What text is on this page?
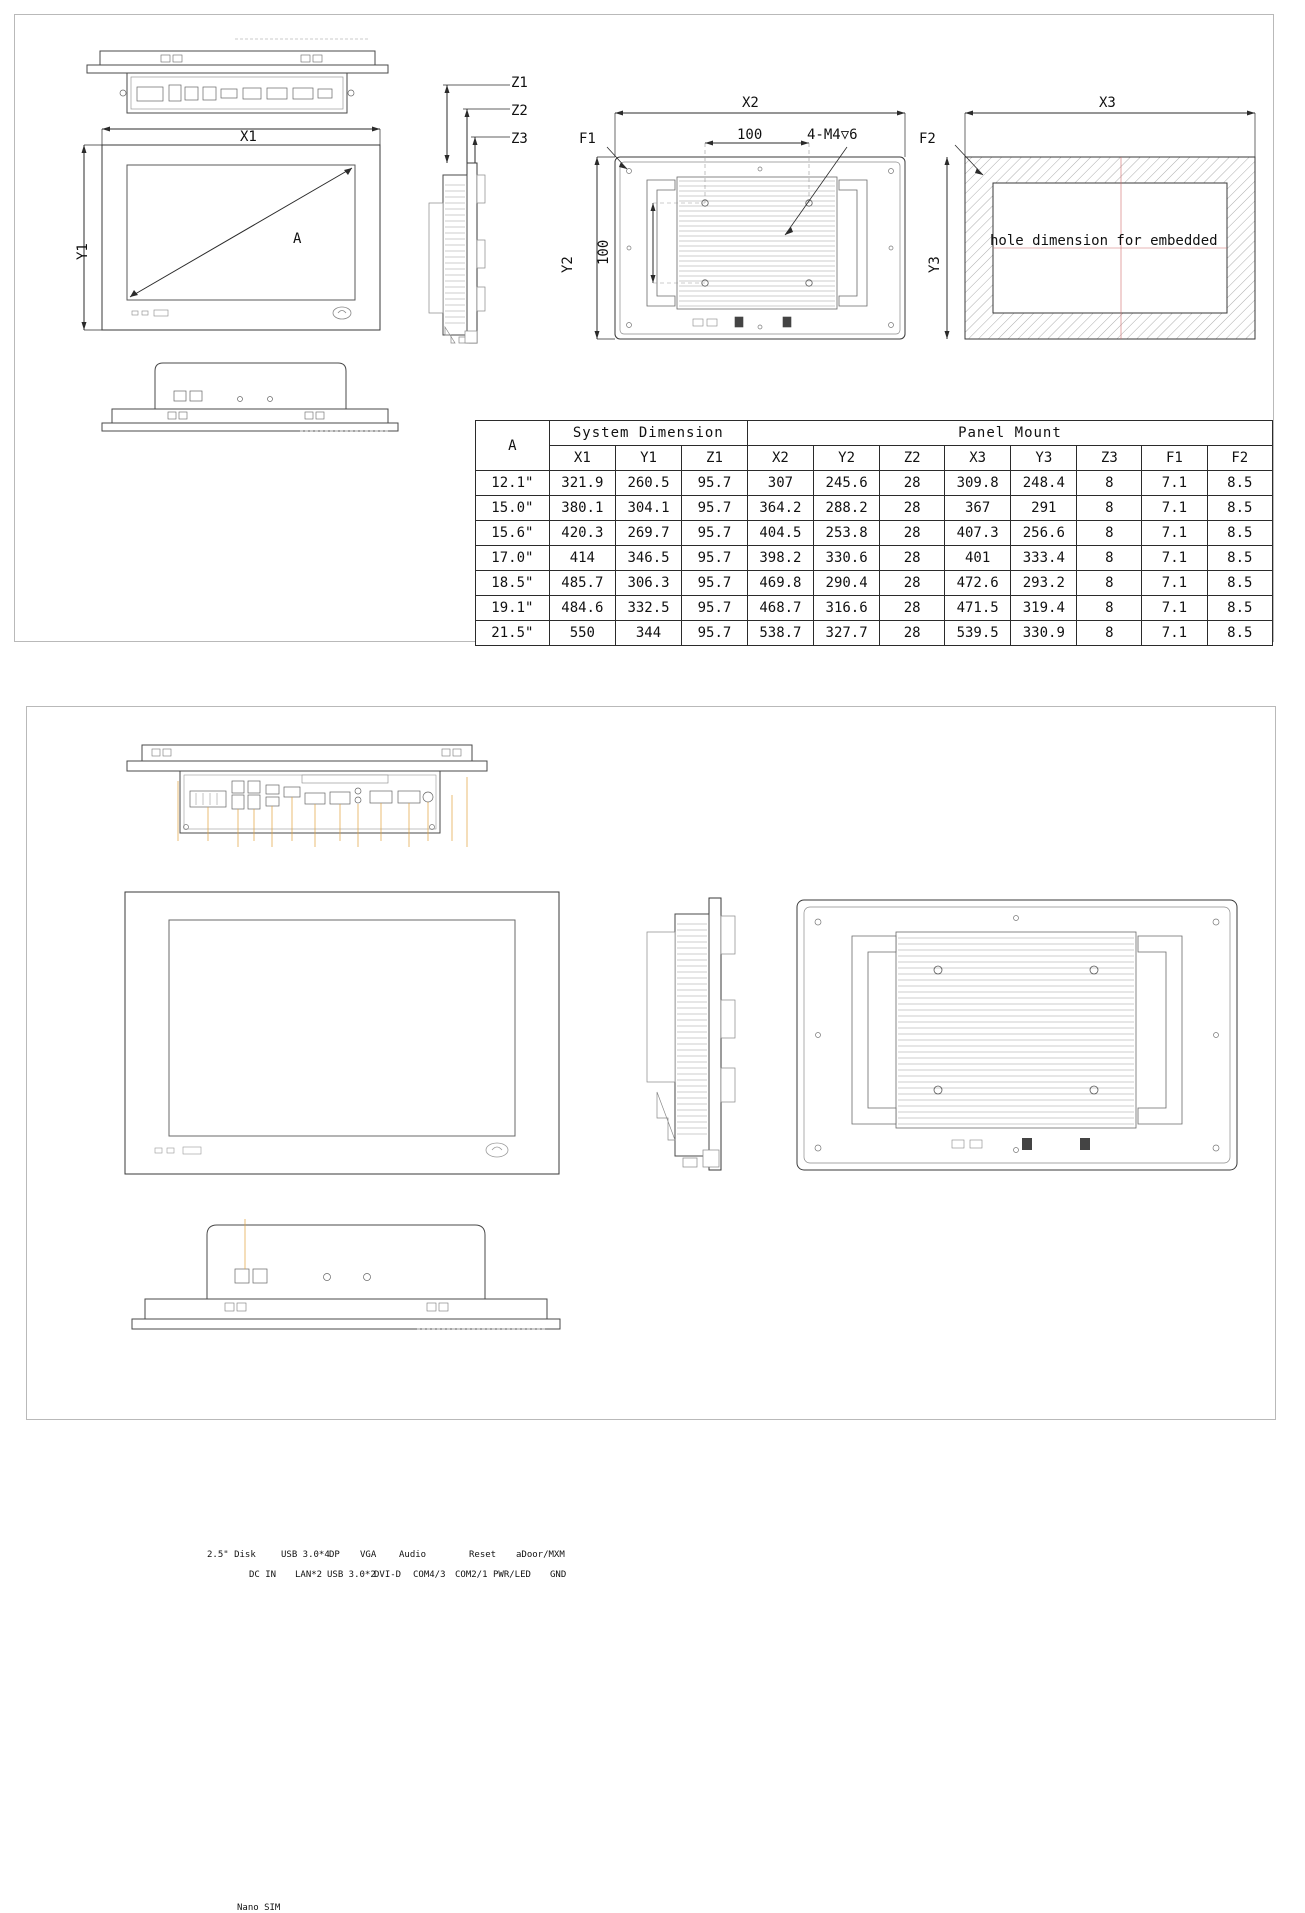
X1
Y1
A
Z1
Z2
Z3
X2
Y2
F1	100
100
4-M4▽6
X3
Y3
F2
hole dimension for embedded
A	System Dimension			Panel Mount							
	X1	Y1	Z1	X2	Y2	Z2	X3	Y3	Z3	F1	F2
12.1"	321.9	260.5	95.7	307	245.6	28	309.8	248.4	8	7.1	8.5
15.0"	380.1	304.1	95.7	364.2	288.2	28	367	291	8	7.1	8.5
15.6"	420.3	269.7	95.7	404.5	253.8	28	407.3	256.6	8	7.1	8.5
17.0"	414	346.5	95.7	398.2	330.6	28	401	333.4	8	7.1	8.5
18.5"	485.7	306.3	95.7	469.8	290.4	28	472.6	293.2	8	7.1	8.5
19.1"	484.6	332.5	95.7	468.7	316.6	28	471.5	319.4	8	7.1	8.5
21.5"	550	344	95.7	538.7	327.7	28	539.5	330.9	8	7.1	8.5
2.5" Disk
DC IN
USB 3.0*4
LAN*2
DP
USB 3.0*2
VGA
DVI-D
Audio
COM4/3 COM2/1
Reset
PWR/LED
aDoor/MXM
GND
Nano SIM
